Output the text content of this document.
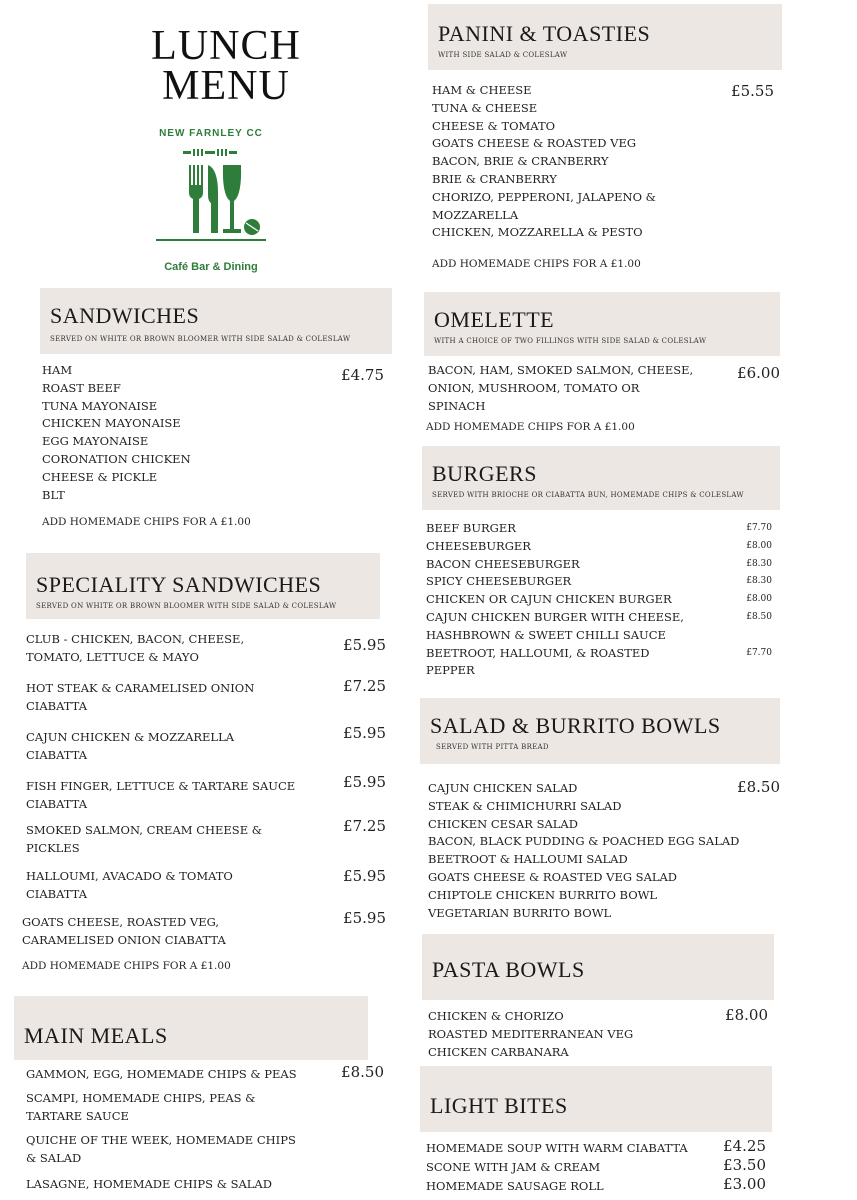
LUNCH
MENU
NEW FARNLEY CC
Café Bar & Dining
SANDWICHES
SERVED ON WHITE OR BROWN BLOOMER WITH SIDE SALAD & COLESLAW
£4.75
HAM
ROAST BEEF
TUNA MAYONAISE
CHICKEN MAYONAISE
EGG MAYONAISE
CORONATION CHICKEN
CHEESE & PICKLE
BLT
ADD HOMEMADE CHIPS FOR A £1.00
SPECIALITY SANDWICHES
SERVED ON WHITE OR BROWN BLOOMER WITH SIDE SALAD & COLESLAW
CLUB - CHICKEN, BACON, CHEESE,
TOMATO, LETTUCE & MAYO
£5.95
HOT STEAK & CARAMELISED ONION
CIABATTA
£7.25
CAJUN CHICKEN & MOZZARELLA
CIABATTA
£5.95
FISH FINGER, LETTUCE & TARTARE SAUCE
CIABATTA
£5.95
SMOKED SALMON, CREAM CHEESE &
PICKLES
£7.25
HALLOUMI, AVACADO & TOMATO
CIABATTA
£5.95
GOATS CHEESE, ROASTED VEG,
CARAMELISED ONION CIABATTA
£5.95
ADD HOMEMADE CHIPS FOR A £1.00
MAIN MEALS
GAMMON, EGG, HOMEMADE CHIPS & PEAS	£8.50
SCAMPI, HOMEMADE CHIPS, PEAS &
TARTARE SAUCE
QUICHE OF THE WEEK, HOMEMADE CHIPS
& SALAD
LASAGNE, HOMEMADE CHIPS & SALAD
PANINI & TOASTIES
WITH SIDE SALAD & COLESLAW
£5.55
HAM & CHEESE
TUNA & CHEESE
CHEESE & TOMATO
GOATS CHEESE & ROASTED VEG
BACON, BRIE & CRANBERRY
BRIE & CRANBERRY
CHORIZO, PEPPERONI, JALAPENO &
MOZZARELLA
CHICKEN, MOZZARELLA & PESTO
ADD HOMEMADE CHIPS FOR A £1.00
OMELETTE
WITH A CHOICE OF TWO FILLINGS WITH SIDE SALAD & COLESLAW
£6.00
BACON, HAM, SMOKED SALMON, CHEESE,
ONION, MUSHROOM, TOMATO OR
SPINACH
ADD HOMEMADE CHIPS FOR A £1.00
BURGERS
SERVED WITH BRIOCHE OR CIABATTA BUN, HOMEMADE CHIPS & COLESLAW
BEEF BURGER	£7.70
CHEESEBURGER	£8.00
BACON CHEESEBURGER	£8.30
SPICY CHEESEBURGER	£8.30
CHICKEN OR CAJUN CHICKEN BURGER	£8.00
CAJUN CHICKEN BURGER WITH CHEESE,
HASHBROWN & SWEET CHILLI SAUCE
£8.50
BEETROOT, HALLOUMI, & ROASTED
PEPPER
£7.70
SALAD & BURRITO BOWLS
SERVED WITH PITTA BREAD
£8.50
CAJUN CHICKEN SALAD
STEAK & CHIMICHURRI SALAD
CHICKEN CESAR SALAD
BACON, BLACK PUDDING & POACHED EGG SALAD
BEETROOT & HALLOUMI SALAD
GOATS CHEESE & ROASTED VEG SALAD
CHIPTOLE CHICKEN BURRITO BOWL
VEGETARIAN BURRITO BOWL
PASTA BOWLS
£8.00
CHICKEN & CHORIZO
ROASTED MEDITERRANEAN VEG
CHICKEN CARBANARA
LIGHT BITES
HOMEMADE SOUP WITH WARM CIABATTA	£4.25
SCONE WITH JAM & CREAM	£3.50
HOMEMADE SAUSAGE ROLL	£3.00
